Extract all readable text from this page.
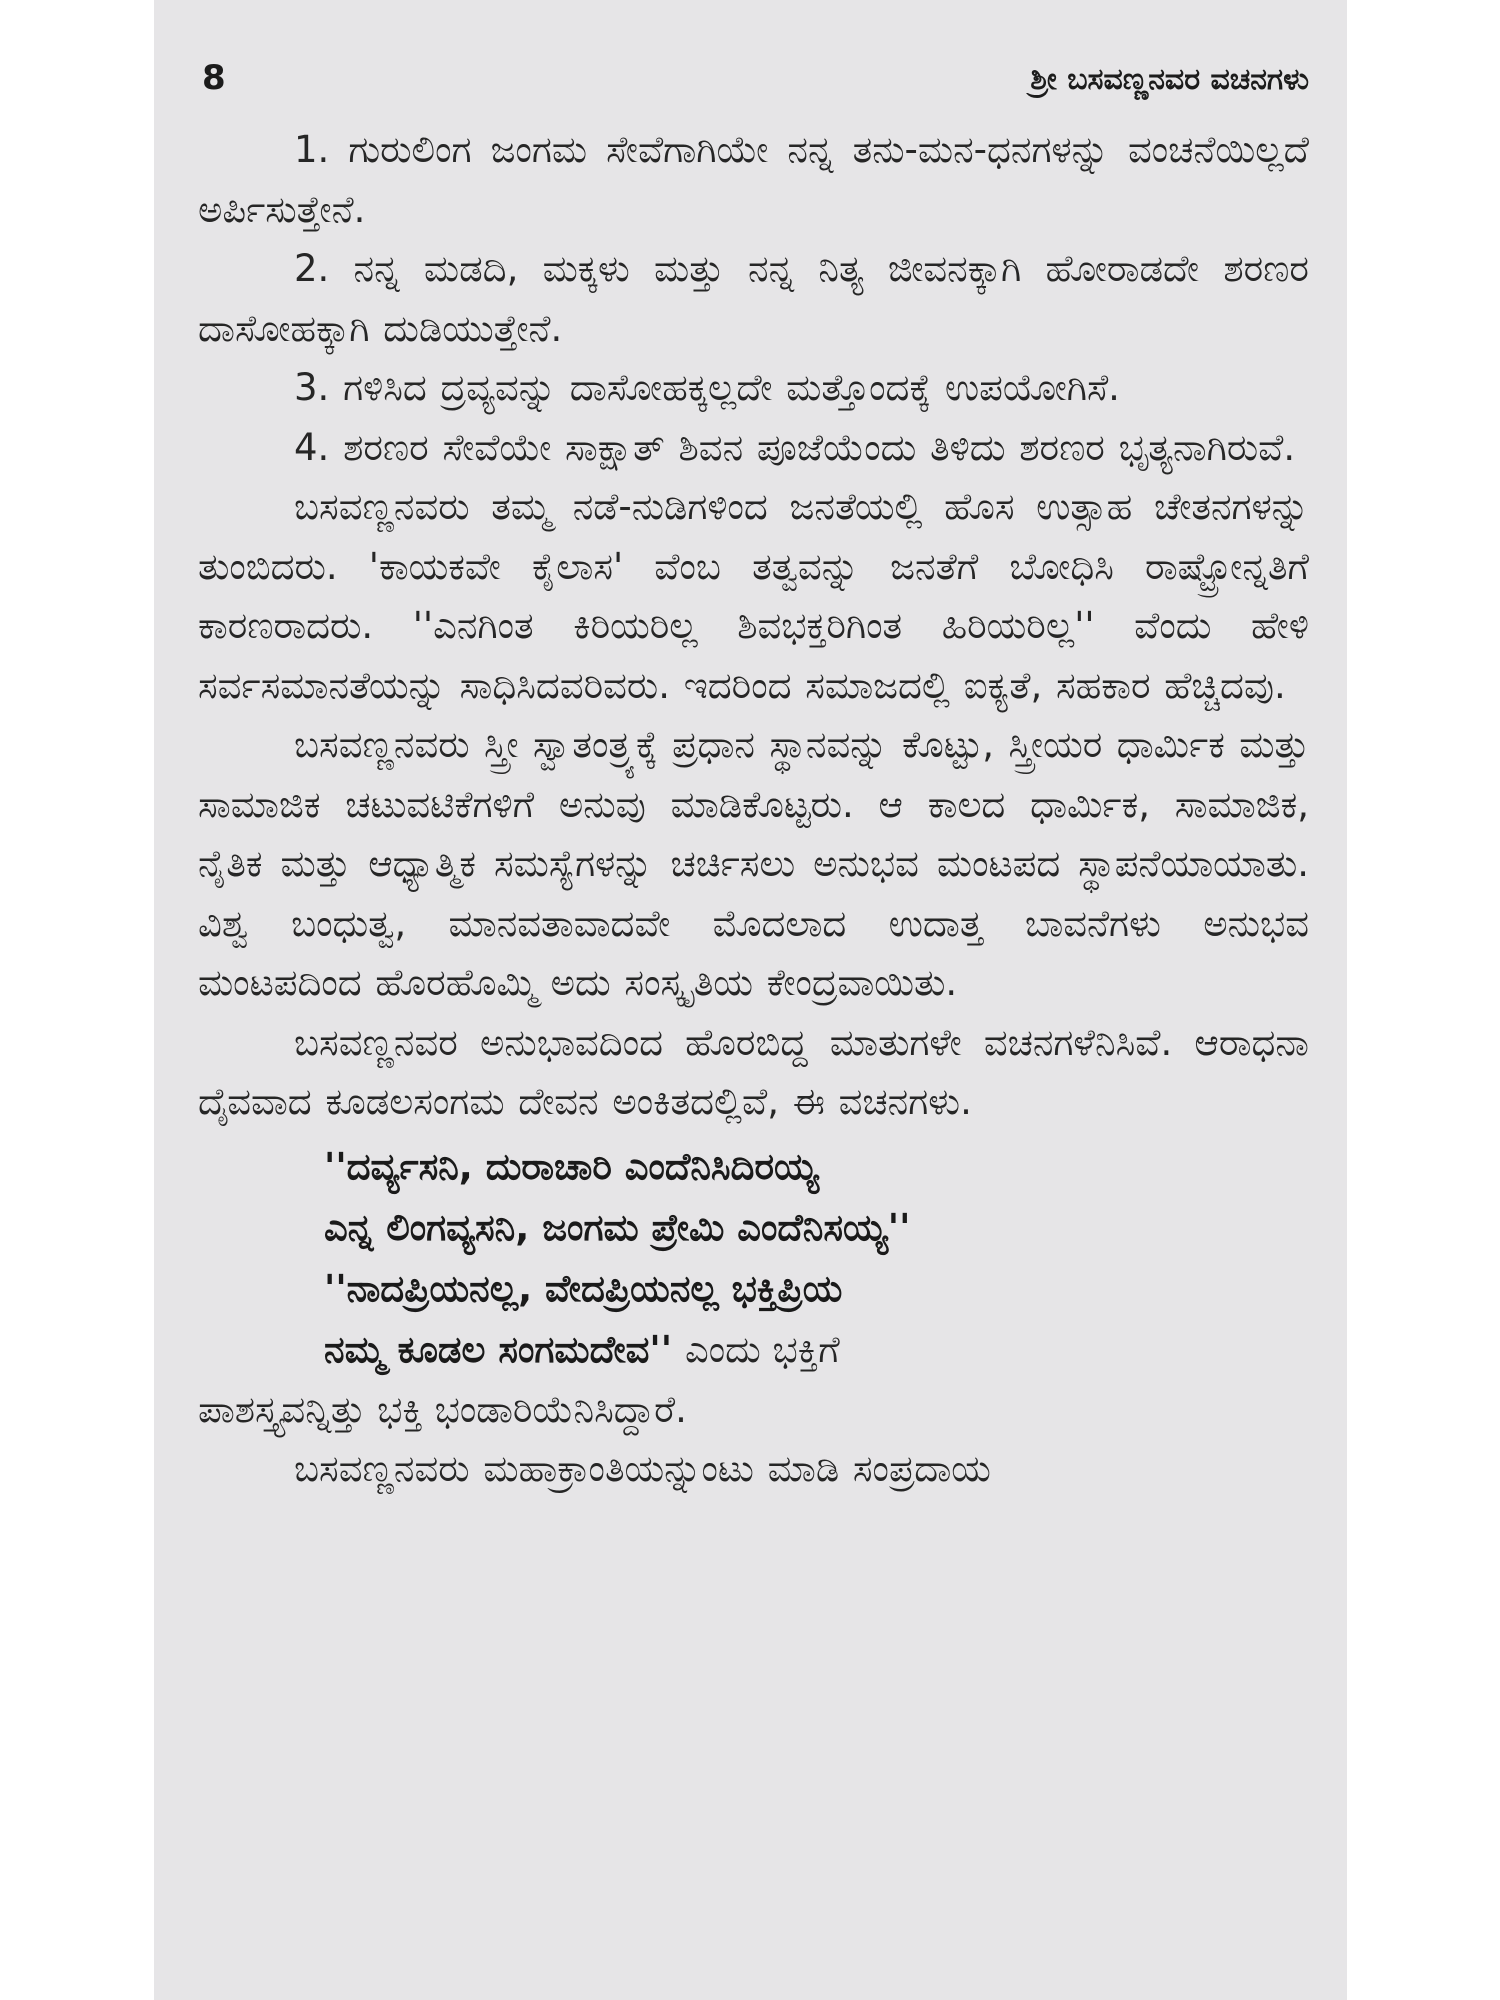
8	ಶ್ರೀ ಬಸವಣ್ಣನವರ ವಚನಗಳು

1. ಗುರುಲಿಂಗ ಜಂಗಮ ಸೇವೆಗಾಗಿಯೇ ನನ್ನ ತನು-ಮನ-ಧನಗಳನ್ನು ವಂಚನೆಯಿಲ್ಲದೆ ಅರ್ಪಿಸುತ್ತೇನೆ.

2. ನನ್ನ ಮಡದಿ, ಮಕ್ಕಳು ಮತ್ತು ನನ್ನ ನಿತ್ಯ ಜೀವನಕ್ಕಾಗಿ ಹೋರಾಡದೇ ಶರಣರ ದಾಸೋಹಕ್ಕಾಗಿ ದುಡಿಯುತ್ತೇನೆ.

3. ಗಳಿಸಿದ ದ್ರವ್ಯವನ್ನು ದಾಸೋಹಕ್ಕಲ್ಲದೇ ಮತ್ತೊಂದಕ್ಕೆ ಉಪಯೋಗಿಸೆ.

4. ಶರಣರ ಸೇವೆಯೇ ಸಾಕ್ಷಾತ್ ಶಿವನ ಪೂಜೆಯೆಂದು ತಿಳಿದು ಶರಣರ ಭೃತ್ಯನಾಗಿರುವೆ.

ಬಸವಣ್ಣನವರು ತಮ್ಮ ನಡೆ-ನುಡಿಗಳಿಂದ ಜನತೆಯಲ್ಲಿ ಹೊಸ ಉತ್ಸಾಹ ಚೇತನಗಳನ್ನು ತುಂಬಿದರು. 'ಕಾಯಕವೇ ಕೈಲಾಸ' ವೆಂಬ ತತ್ವವನ್ನು ಜನತೆಗೆ ಬೋಧಿಸಿ ರಾಷ್ಟ್ರೋನ್ನತಿಗೆ ಕಾರಣರಾದರು. ''ಎನಗಿಂತ ಕಿರಿಯರಿಲ್ಲ ಶಿವಭಕ್ತರಿಗಿಂತ ಹಿರಿಯರಿಲ್ಲ'' ವೆಂದು ಹೇಳಿ ಸರ್ವಸಮಾನತೆಯನ್ನು ಸಾಧಿಸಿದವರಿವರು. ಇದರಿಂದ ಸಮಾಜದಲ್ಲಿ ಐಕ್ಯತೆ, ಸಹಕಾರ ಹೆಚ್ಚಿದವು.

ಬಸವಣ್ಣನವರು ಸ್ತ್ರೀ ಸ್ವಾತಂತ್ರ್ಯಕ್ಕೆ ಪ್ರಧಾನ ಸ್ಥಾನವನ್ನು ಕೊಟ್ಟು, ಸ್ತ್ರೀಯರ ಧಾರ್ಮಿಕ ಮತ್ತು ಸಾಮಾಜಿಕ ಚಟುವಟಿಕೆಗಳಿಗೆ ಅನುವು ಮಾಡಿಕೊಟ್ಟರು. ಆ ಕಾಲದ ಧಾರ್ಮಿಕ, ಸಾಮಾಜಿಕ, ನೈತಿಕ ಮತ್ತು ಆಧ್ಯಾತ್ಮಿಕ ಸಮಸ್ಯೆಗಳನ್ನು ಚರ್ಚಿಸಲು ಅನುಭವ ಮಂಟಪದ ಸ್ಥಾಪನೆಯಾಯಾತು. ವಿಶ್ವ ಬಂಧುತ್ವ, ಮಾನವತಾವಾದವೇ ಮೊದಲಾದ ಉದಾತ್ತ ಬಾವನೆಗಳು ಅನುಭವ ಮಂಟಪದಿಂದ ಹೊರಹೊಮ್ಮಿ ಅದು ಸಂಸ್ಕೃತಿಯ ಕೇಂದ್ರವಾಯಿತು.

ಬಸವಣ್ಣನವರ ಅನುಭಾವದಿಂದ ಹೊರಬಿದ್ದ ಮಾತುಗಳೇ ವಚನಗಳೆನಿಸಿವೆ. ಆರಾಧನಾ ದೈವವಾದ ಕೂಡಲಸಂಗಮ ದೇವನ ಅಂಕಿತದಲ್ಲಿವೆ, ಈ ವಚನಗಳು.

''ದರ್ವ್ಯಸನಿ, ದುರಾಚಾರಿ ಎಂದೆನಿಸಿದಿರಯ್ಯ
ಎನ್ನ ಲಿಂಗವ್ಯಸನಿ, ಜಂಗಮ ಪ್ರೇಮಿ ಎಂದೆನಿಸಯ್ಯ''
''ನಾದಪ್ರಿಯನಲ್ಲ, ವೇದಪ್ರಿಯನಲ್ಲ ಭಕ್ತಿಪ್ರಿಯ
ನಮ್ಮ ಕೂಡಲ ಸಂಗಮದೇವ'' ಎಂದು ಭಕ್ತಿಗೆ

ಪಾಶಸ್ತ್ಯವನ್ನಿತ್ತು ಭಕ್ತಿ ಭಂಡಾರಿಯೆನಿಸಿದ್ದಾರೆ.

ಬಸವಣ್ಣನವರು ಮಹಾಕ್ರಾಂತಿಯನ್ನುಂಟು ಮಾಡಿ ಸಂಪ್ರದಾಯ
